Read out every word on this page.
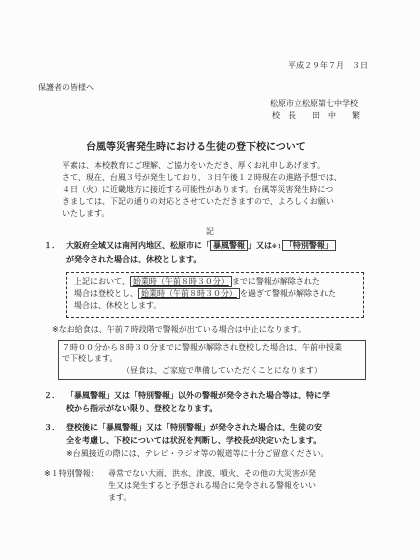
平成２９年７月　３日
保護者の皆様へ
松原市立松原第七中学校
校　長　　田　中　　繁
台風等災害発生時における生徒の登下校について
平素は、本校教育にご理解、ご協力をいただき、厚くお礼申しあげます。
さて、現在、台風３号が発生しており、３日午後１２時現在の進路予想では、
４日（火）に近畿地方に接近する可能性があります。台風等災害発生時につ
きましては、下記の通りの対応とさせていただきますので、よろしくお願い
いたします。
記
１． 大阪府全域又は南河内地区、松原市に「 暴風警報 」又は※１ 「特別警報」
が発令された場合は、休校とします。
上記において、 始業時（午前８時３０分） までに警報が解除された
場合は登校とし、 始業時（午前８時３０分） を過ぎて警報が解除された
場合は、休校とします。
※なお給食は、午前７時段階で警報が出ている場合は中止になります。
７時００分から８時３０分までに警報が解除され登校した場合は、午前中授業
で下校します。
（昼食は、ご家庭で準備していただくことになります）
２． 「暴風警報」又は「特別警報」以外の警報が発令された場合等は、特に学
校から指示がない限り、登校となります。
３． 登校後に「暴風警報」又は「特別警報」が発令された場合は、生徒の安
全を考慮し、下校については状況を判断し、学校長が決定いたします。
※台風接近の際には、テレビ・ラジオ等の報道等に十分ご留意ください。
※１特別警報： 尋常でない大雨、洪水、津波、噴火、その他の大災害が発
生又は発生すると予想される場合に発令される警報をいい
ます。
